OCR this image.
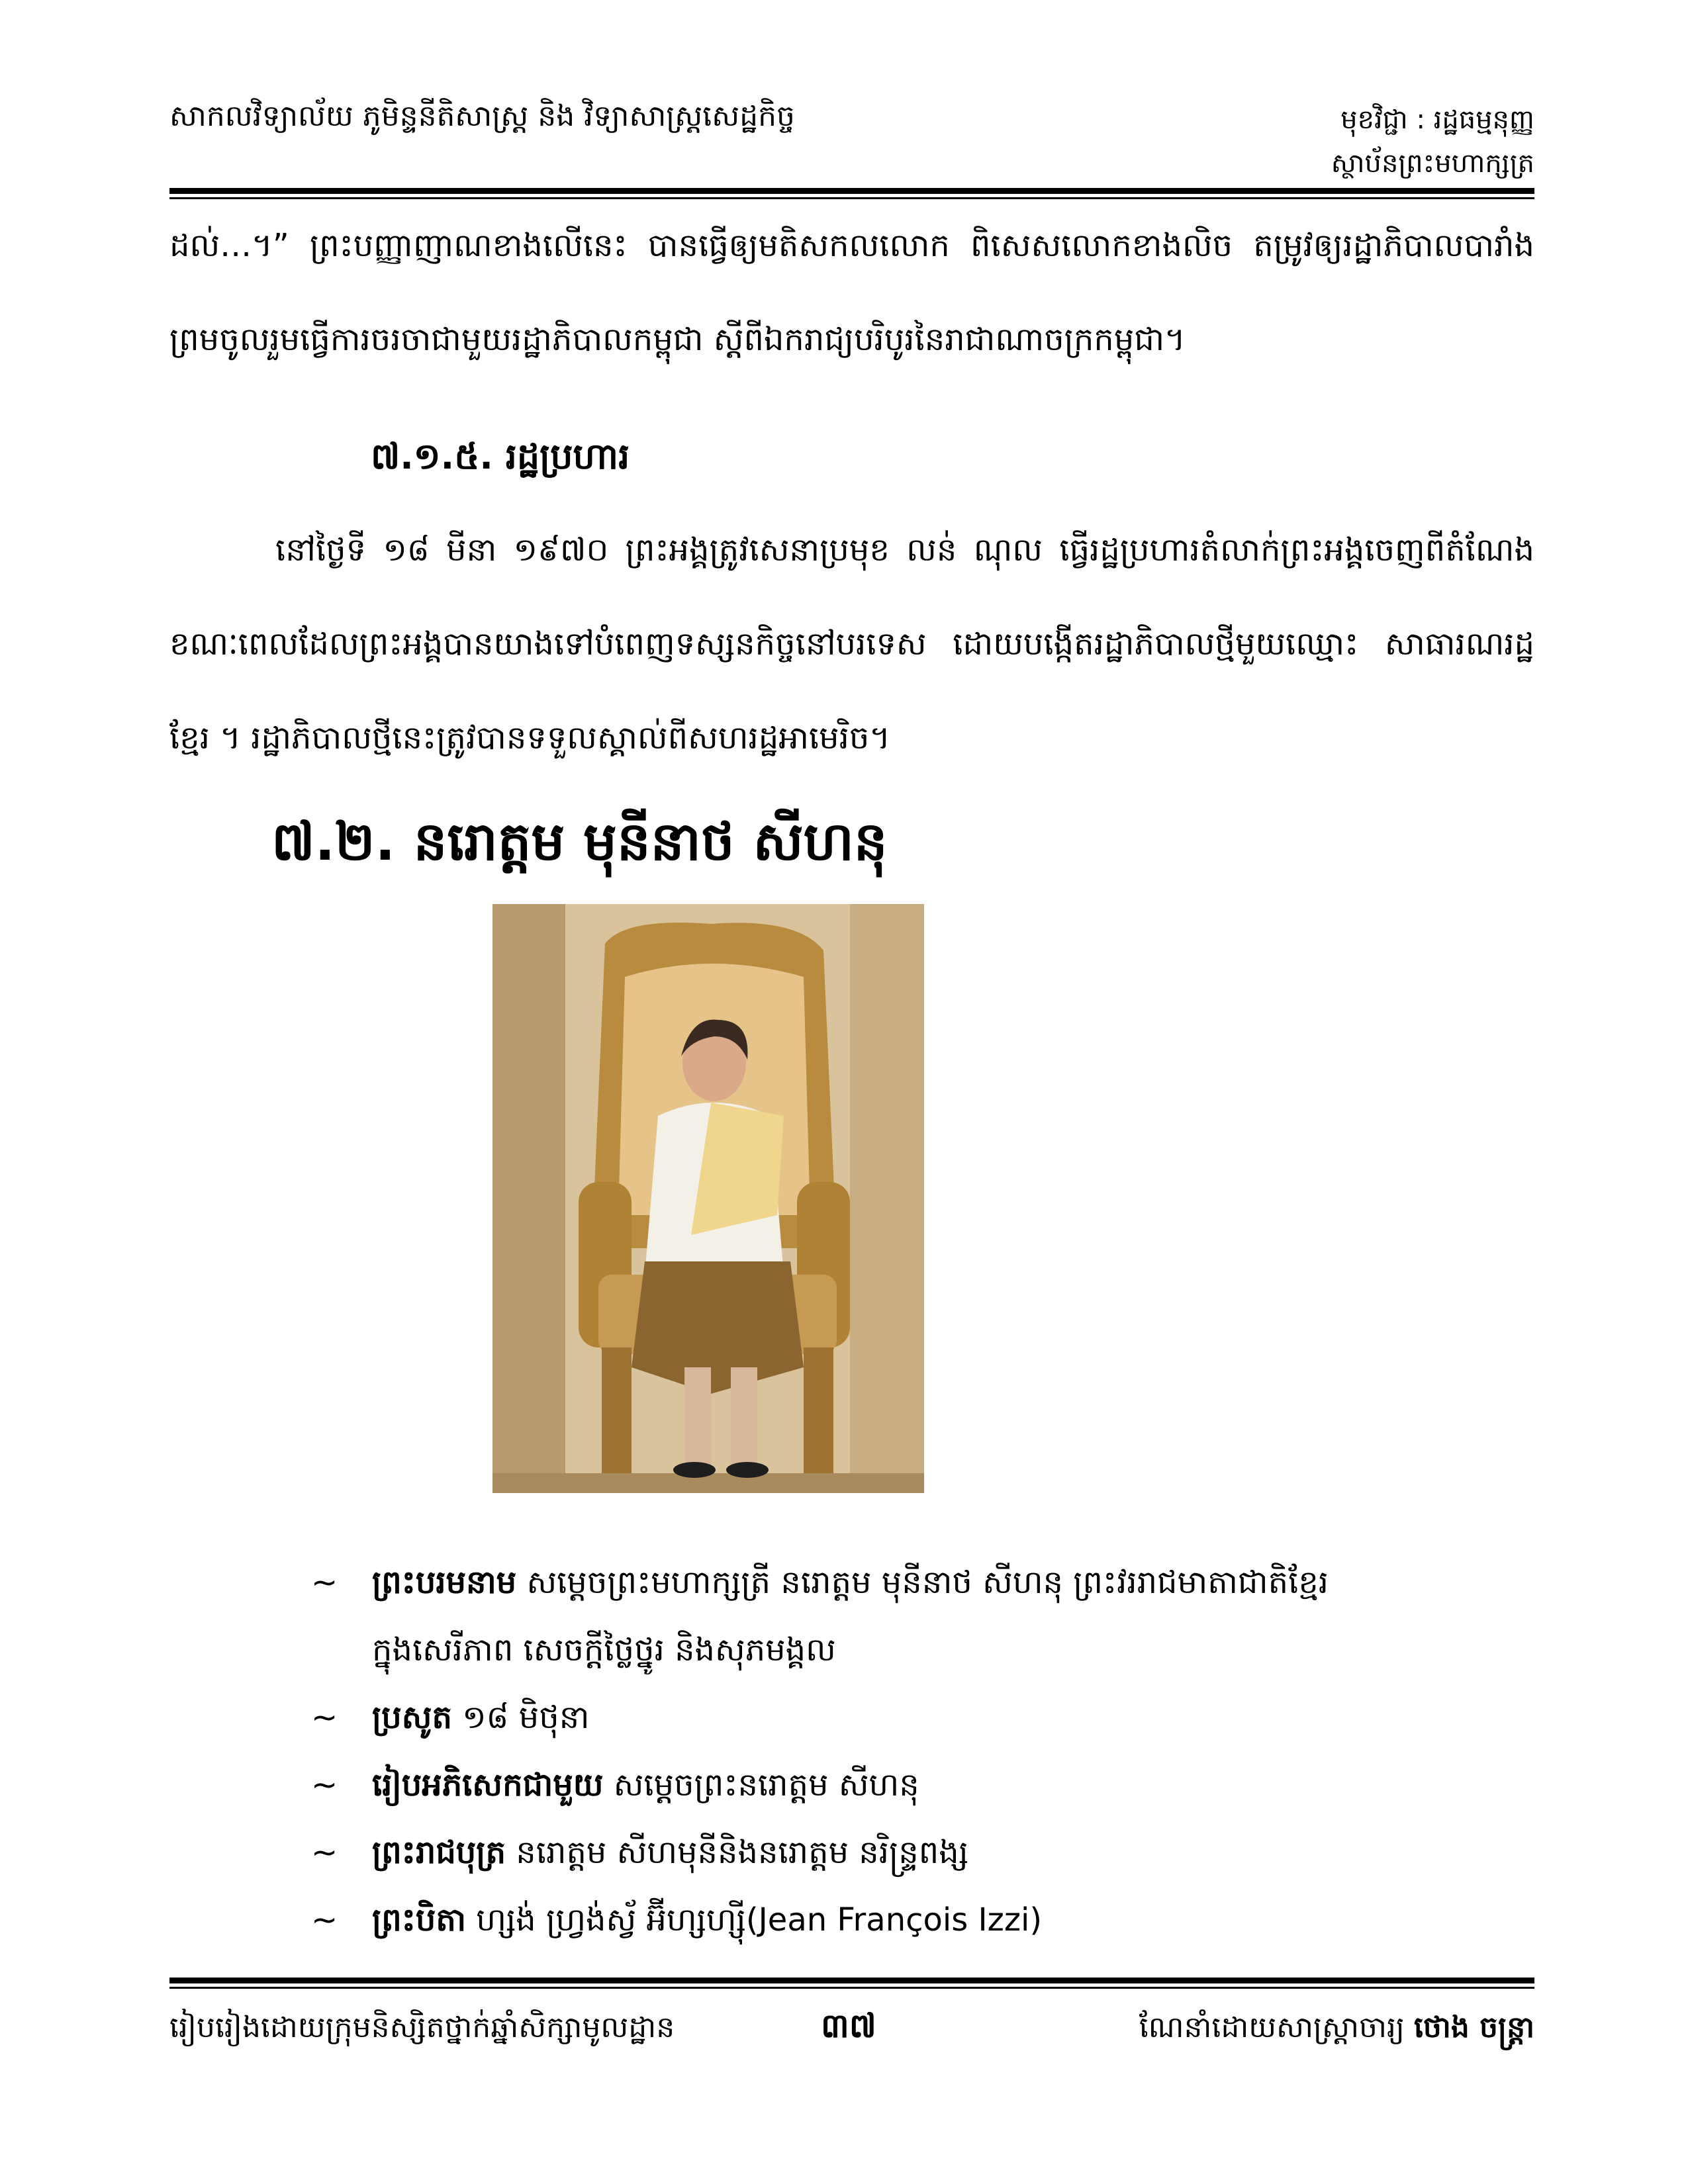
សាកលវិទ្យាល័យ ភូមិន្ទនីតិសាស្ត្រ និង វិទ្យាសាស្ត្រសេដ្ឋកិច្ច	មុខវិជ្ជា : រដ្ឋធម្មនុញ្ញ
ស្ថាប័នព្រះមហាក្សត្រ
ដល់…។” ព្រះបញ្ញាញាណខាងលើនេះ បានធ្វើឲ្យមតិសកលលោក ពិសេសលោកខាងលិច តម្រូវឲ្យរដ្ឋាភិបាលបារាំងព្រមចូលរួមធ្វើការចរចាជាមួយរដ្ឋាភិបាលកម្ពុជា ស្តីពីឯករាជ្យបរិបូរនៃរាជាណាចក្រកម្ពុជា។
៧.១.៥. រដ្ឋប្រហារ
នៅថ្ងៃទី ១៨ មីនា ១៩៧០ ព្រះអង្គត្រូវសេនាប្រមុខ លន់ ណុល ធ្វើរដ្ឋប្រហារតំលាក់ព្រះអង្គចេញពីតំណែង ខណៈពេលដែលព្រះអង្គបានយាងទៅបំពេញទស្សនកិច្ចនៅបរទេស ដោយបង្កើតរដ្ឋាភិបាលថ្មីមួយឈ្មោះ សាធារណរដ្ឋខ្មែរ ។ រដ្ឋាភិបាលថ្មីនេះត្រូវបានទទួលស្គាល់ពីសហរដ្ឋអាមេរិច។
៧.២. នរោត្តម មុនីនាថ សីហនុ
~ ព្រះបរមនាម សម្តេចព្រះមហាក្សត្រី នរោត្តម មុនីនាថ សីហនុ ព្រះវររាជមាតាជាតិខ្មែរ
ក្នុងសេរីភាព សេចក្តីថ្លៃថ្នូរ និងសុភមង្គល
~ ប្រសូត ១៨ មិថុនា
~ រៀបអភិសេកជាមួយ សម្តេចព្រះនរោត្តម សីហនុ
~ ព្រះរាជបុត្រ នរោត្តម សីហមុនីនិងនរោត្តម នរិន្ទ្រពង្ស
~ ព្រះបិតា ហ្សង់ ហ្វ្រង់ស្វ័ អ៊ីហ្សហ្ស៊ី(Jean François Izzi)
រៀបរៀងដោយក្រុមនិស្សិតថ្នាក់ឆ្នាំសិក្សាមូលដ្ឋាន	៣៧	ណែនាំដោយសាស្ត្រាចារ្យ ថោង ចន្ត្រា
